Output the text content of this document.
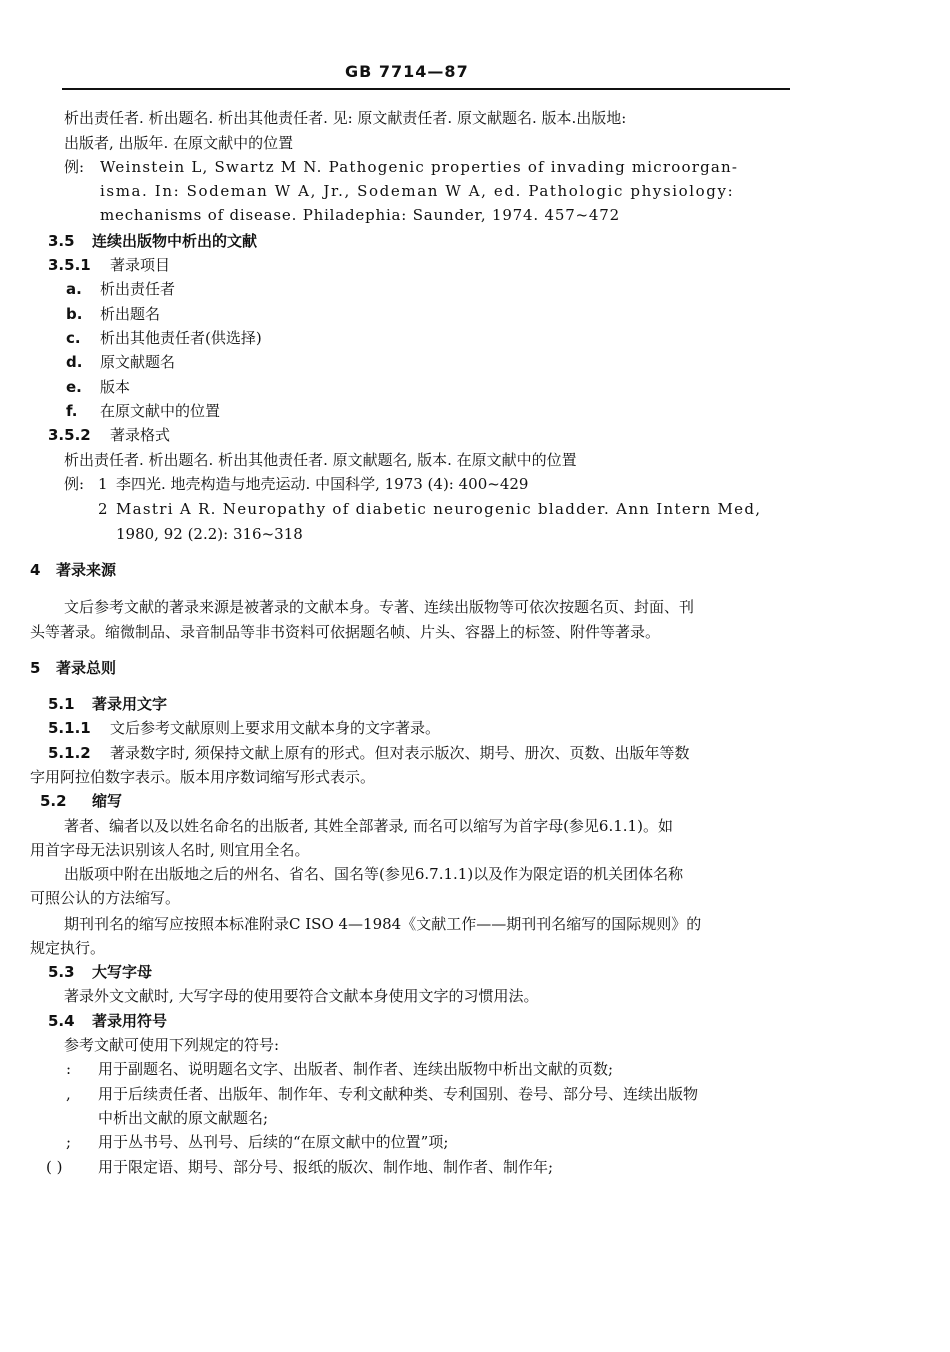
GB 7714—87
析出责任者. 析出题名. 析出其他责任者. 见: 原文献责任者. 原文献题名. 版本.出版地:
出版者, 出版年. 在原文献中的位置
例: Weinstein L, Swartz M N. Pathogenic properties of invading microorgan-
isma. In: Sodeman W A, Jr., Sodeman W A, ed. Pathologic physiology:
mechanisms of disease. Philadephia: Saunder, 1974. 457~472
3.5 连续出版物中析出的文献
3.5.1 著录项目
a. 析出责任者
b. 析出题名
c. 析出其他责任者(供选择)
d. 原文献题名
e. 版本
f. 在原文献中的位置
3.5.2 著录格式
析出责任者. 析出题名. 析出其他责任者. 原文献题名, 版本. 在原文献中的位置
例: 1 李四光. 地壳构造与地壳运动. 中国科学, 1973 (4): 400~429
2 Mastri A R. Neuropathy of diabetic neurogenic bladder. Ann Intern Med,
1980, 92 (2.2): 316~318
4 著录来源
文后参考文献的著录来源是被著录的文献本身。专著、连续出版物等可依次按题名页、封面、刊
头等著录。缩微制品、录音制品等非书资料可依据题名帧、片头、容器上的标签、附件等著录。
5 著录总则
5.1 著录用文字
5.1.1 文后参考文献原则上要求用文献本身的文字著录。
5.1.2 著录数字时, 须保持文献上原有的形式。但对表示版次、期号、册次、页数、出版年等数
字用阿拉伯数字表示。版本用序数词缩写形式表示。
5.2 缩写
著者、编者以及以姓名命名的出版者, 其姓全部著录, 而名可以缩写为首字母(参见6.1.1)。如
用首字母无法识别该人名时, 则宜用全名。
出版项中附在出版地之后的州名、省名、国名等(参见6.7.1.1)以及作为限定语的机关团体名称
可照公认的方法缩写。
期刊刊名的缩写应按照本标准附录C ISO 4—1984《文献工作——期刊刊名缩写的国际规则》的
规定执行。
5.3 大写字母
著录外文文献时, 大写字母的使用要符合文献本身使用文字的习惯用法。
5.4 著录用符号
参考文献可使用下列规定的符号:
: 用于副题名、说明题名文字、出版者、制作者、连续出版物中析出文献的页数;
, 用于后续责任者、出版年、制作年、专利文献种类、专利国别、卷号、部分号、连续出版物
中析出文献的原文献题名;
; 用于丛书号、丛刊号、后续的“在原文献中的位置”项;
( ) 用于限定语、期号、部分号、报纸的版次、制作地、制作者、制作年;
